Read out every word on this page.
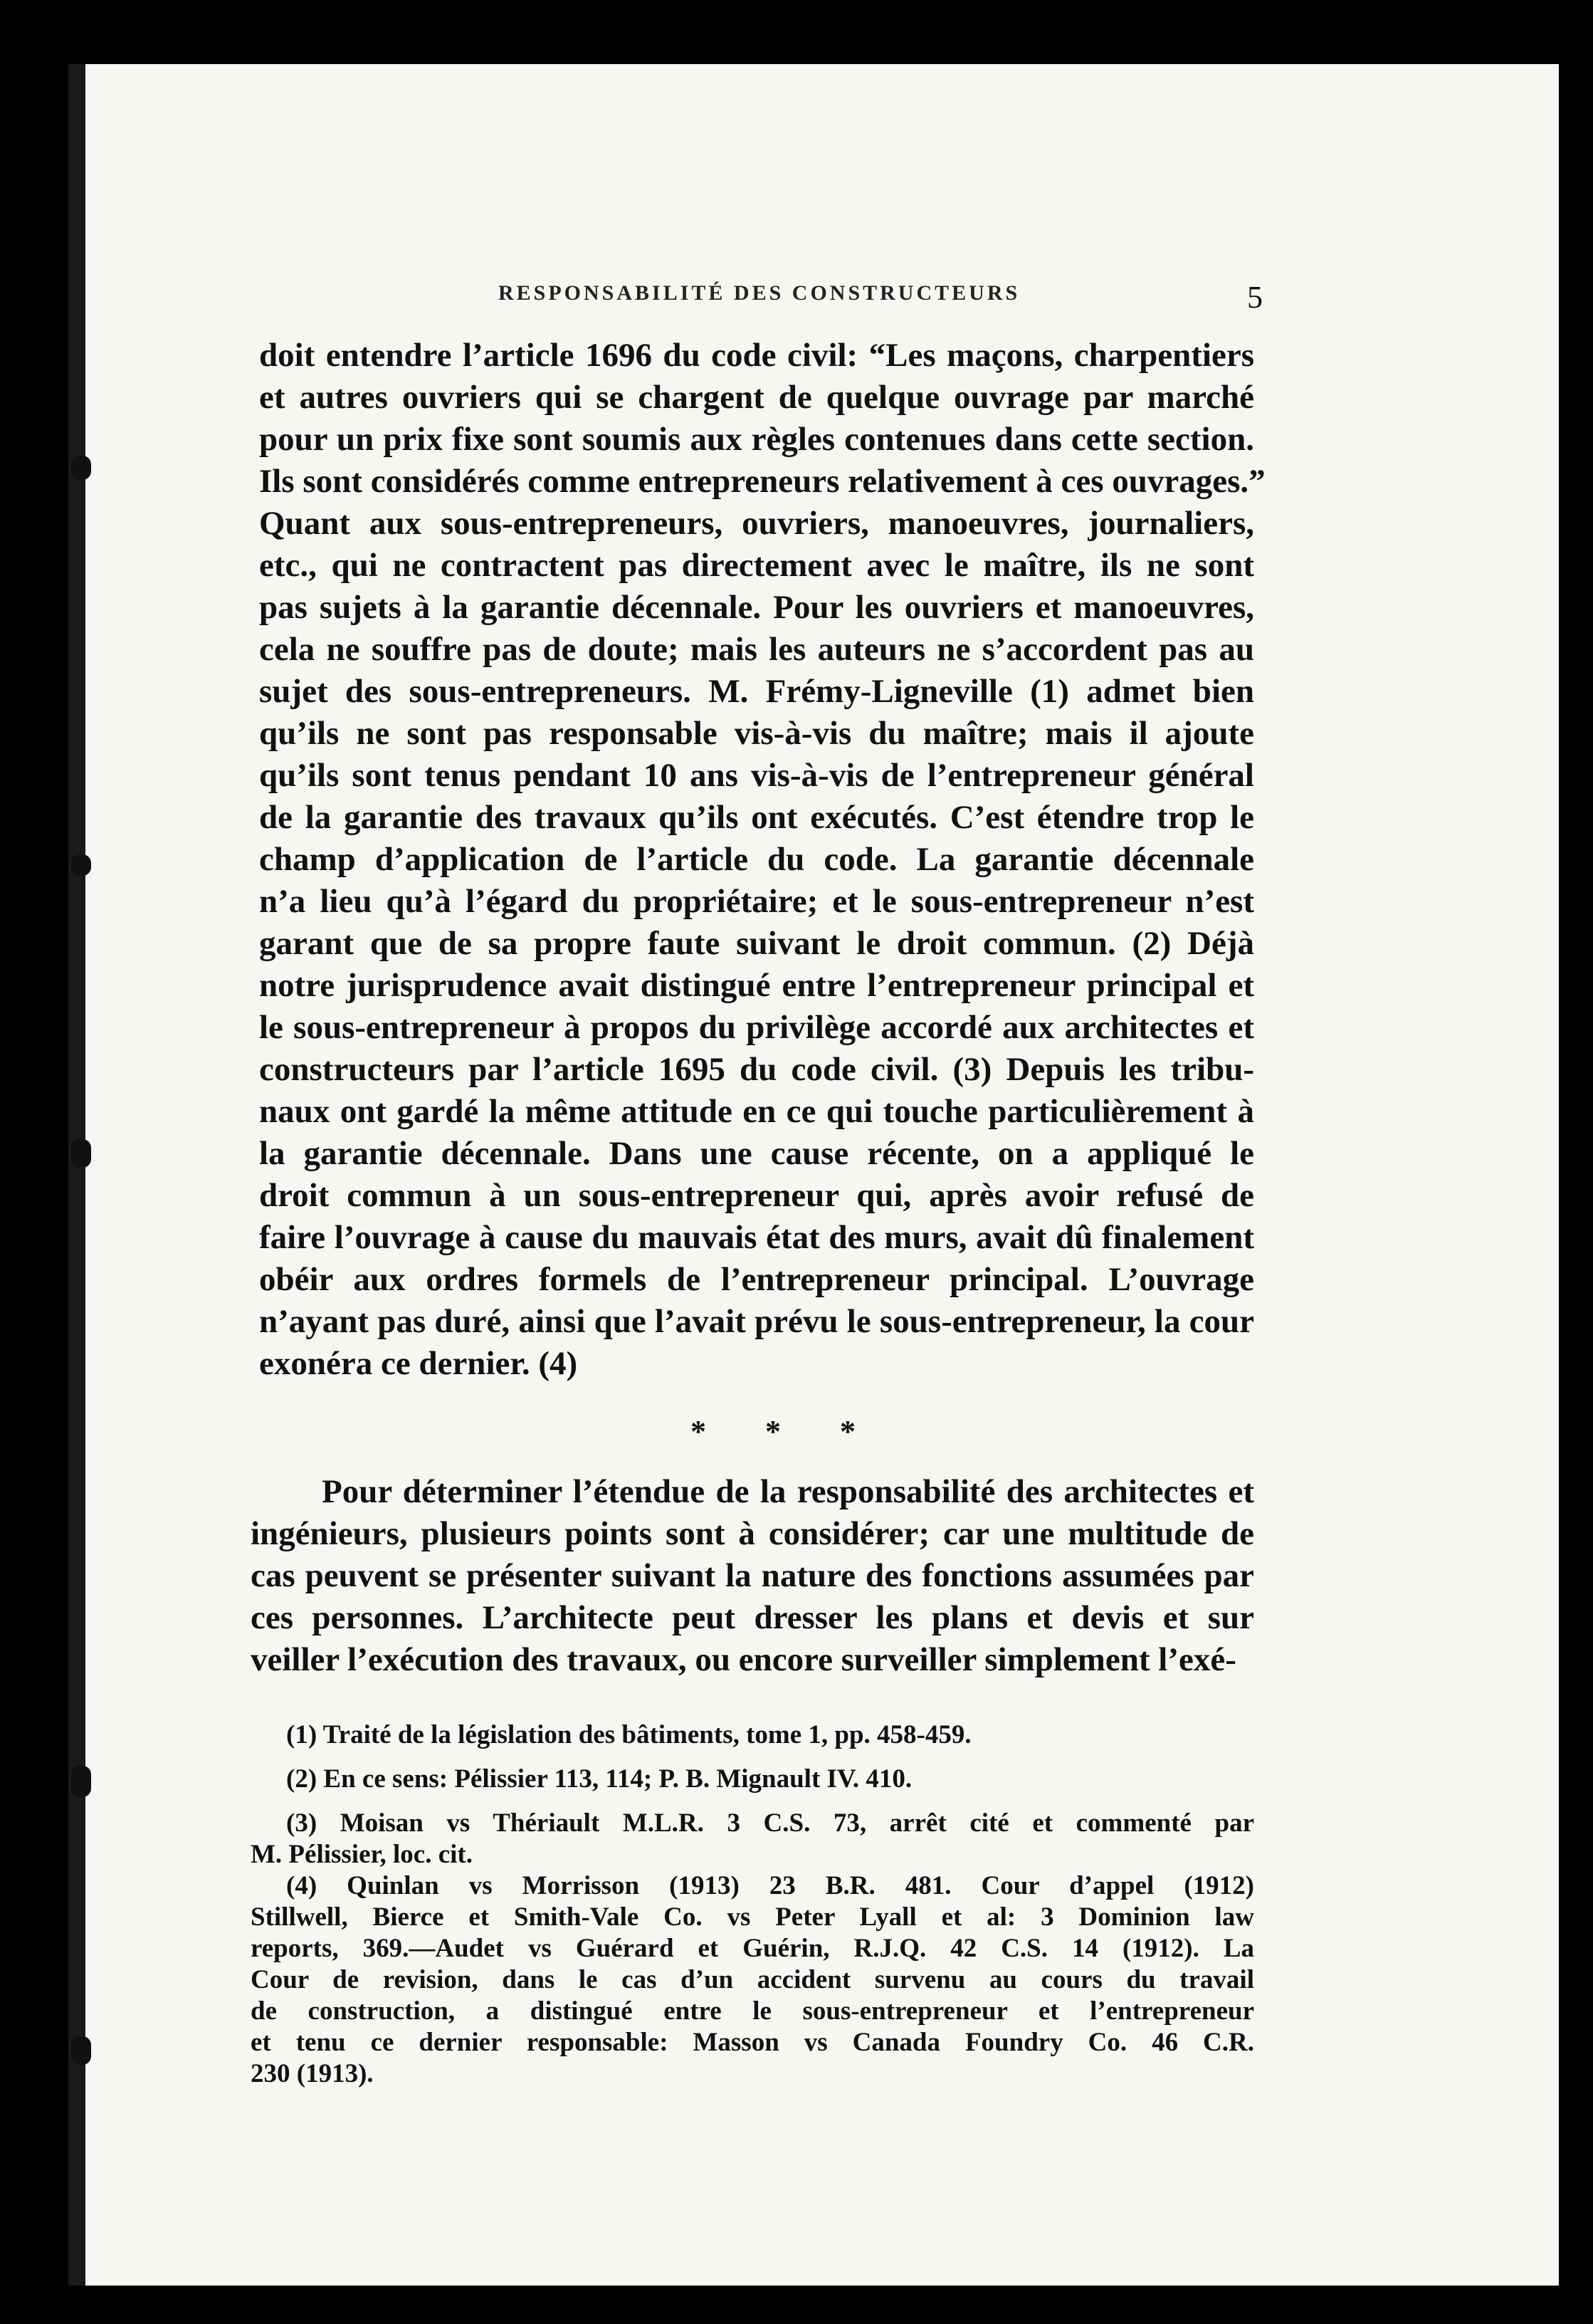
RESPONSABILITÉ DES CONSTRUCTEURS	5
doit entendre l’article 1696 du code civil: “Les maçons, charpentiers
et autres ouvriers qui se chargent de quelque ouvrage par marché
pour un prix fixe sont soumis aux règles contenues dans cette section.
Ils sont considérés comme entrepreneurs relativement à ces ouvrages.”
Quant aux sous-entrepreneurs, ouvriers, manoeuvres, journaliers,
etc., qui ne contractent pas directement avec le maître, ils ne sont
pas sujets à la garantie décennale. Pour les ouvriers et manoeuvres,
cela ne souffre pas de doute; mais les auteurs ne s’accordent pas au
sujet des sous-entrepreneurs. M. Frémy-Ligneville (1) admet bien
qu’ils ne sont pas responsable vis-à-vis du maître; mais il ajoute
qu’ils sont tenus pendant 10 ans vis-à-vis de l’entrepreneur général
de la garantie des travaux qu’ils ont exécutés. C’est étendre trop le
champ d’application de l’article du code. La garantie décennale
n’a lieu qu’à l’égard du propriétaire; et le sous-entrepreneur n’est
garant que de sa propre faute suivant le droit commun. (2) Déjà
notre jurisprudence avait distingué entre l’entrepreneur principal et
le sous-entrepreneur à propos du privilège accordé aux architectes et
constructeurs par l’article 1695 du code civil. (3) Depuis les tribu-
naux ont gardé la même attitude en ce qui touche particulièrement à
la garantie décennale. Dans une cause récente, on a appliqué le
droit commun à un sous-entrepreneur qui, après avoir refusé de
faire l’ouvrage à cause du mauvais état des murs, avait dû finalement
obéir aux ordres formels de l’entrepreneur principal. L’ouvrage
n’ayant pas duré, ainsi que l’avait prévu le sous-entrepreneur, la cour
exonéra ce dernier. (4)
* * *
Pour déterminer l’étendue de la responsabilité des architectes et
ingénieurs, plusieurs points sont à considérer; car une multitude de
cas peuvent se présenter suivant la nature des fonctions assumées par
ces personnes. L’architecte peut dresser les plans et devis et sur
veiller l’exécution des travaux, ou encore surveiller simplement l’exé-
(1) Traité de la législation des bâtiments, tome 1, pp. 458-459.
(2) En ce sens: Pélissier 113, 114; P. B. Mignault IV. 410.
(3) Moisan vs Thériault M.L.R. 3 C.S. 73, arrêt cité et commenté par
M. Pélissier, loc. cit.
(4) Quinlan vs Morrisson (1913) 23 B.R. 481. Cour d’appel (1912)
Stillwell, Bierce et Smith-Vale Co. vs Peter Lyall et al: 3 Dominion law
reports, 369.—Audet vs Guérard et Guérin, R.J.Q. 42 C.S. 14 (1912). La
Cour de revision, dans le cas d’un accident survenu au cours du travail
de construction, a distingué entre le sous-entrepreneur et l’entrepreneur
et tenu ce dernier responsable: Masson vs Canada Foundry Co. 46 C.R.
230 (1913).
